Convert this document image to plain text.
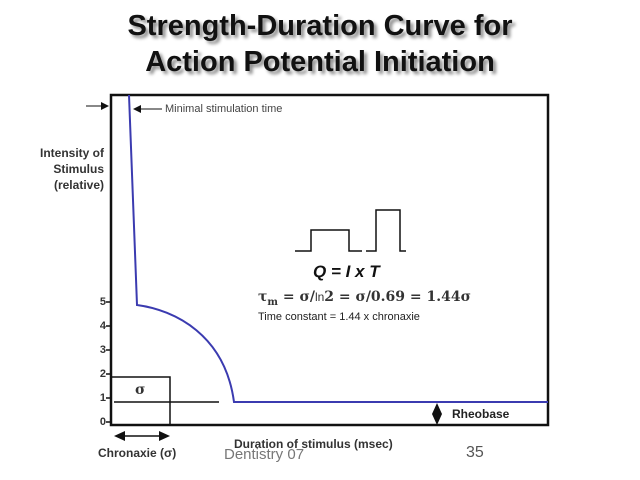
Strength-Duration Curve for
Action Potential Initiation
Intensity of
Stimulus
(relative)
5
4
3
2
1
0
Minimal stimulation time
Q = I x T
$\tau_m = \sigma/\ln 2 = \sigma/0.69 = 1.44\sigma$
Time constant = 1.44 x chronaxie
σ
Rheobase
Chronaxie (σ)	Dentistry 07
Duration of stimulus (msec)	35
